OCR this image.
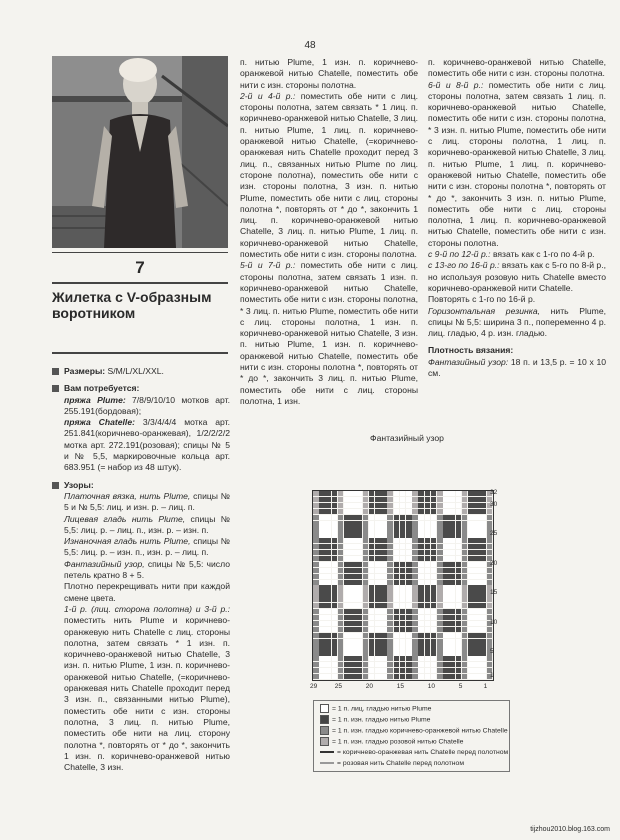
48
7
Жилетка с V-образным воротником

Размеры: S/M/L/XL/XXL.

Вам потребуется:

пряжа Plume: 7/8/9/10/10 мотков арт. 255.191(бордовая);

пряжа Chatelle: 3/3/4/4/4 мотка арт. 251.841(коричнево-оранжевая), 1/2/2/2/2 мотка арт. 272.191(розовая); спицы № 5 и № 5,5, маркировочные кольца арт. 683.951 (= набор из 48 штук).

Узоры:

Платочная вязка, нить Plume, спицы № 5 и № 5,5: лиц. и изн. р. – лиц. п.

Лицевая гладь нить Plume, спицы № 5,5: лиц. р. – лиц. п., изн. р. – изн. п.

Изнаночная гладь нить Plume, спицы № 5,5: лиц. р. – изн. п., изн. р. – лиц. п.

Фантазийный узор, спицы № 5,5: число петель кратно 8 + 5.

Плотно перекрещивать нити при каждой смене цвета.

1-й р. (лиц. сторона полотна) и 3-й р.: поместить нить Plume и коричнево-оранжевую нить Chatelle с лиц. стороны полотна, затем связать * 1 изн. п. коричнево-оранжевой нитью Chatelle, 3 изн. п. нитью Plume, 1 изн. п. коричнево-оранжевой нитью Chatelle, (=коричнево-оранжевая нить Chatelle проходит перед 3 изн. п., связанными нитью Plume), поместить обе нити с изн. стороны полотна, 3 лиц. п. нитью Plume, поместить обе нити на лиц. сторону полотна *, повторять от * до *, закончить 1 изн. п. коричнево-оранжевой нитью Chatelle, 3 изн.

п. нитью Plume, 1 изн. п. коричнево-оранжевой нитью Chatelle, поместить обе нити с изн. стороны полотна.

2-й и 4-й р.: поместить обе нити с лиц. стороны полотна, затем связать * 1 лиц. п. коричнево-оранжевой нитью Chatelle, 3 лиц. п. нитью Plume, 1 лиц. п. коричнево-оранжевой нитью Chatelle, (=коричнево-оранжевая нить Chatelle проходит перед 3 лиц. п., связанных нитью Plume по лиц. стороне полотна), поместить обе нити с изн. стороны полотна, 3 изн. п. нитью Plume, поместить обе нити с лиц. стороны полотна *, повторять от * до *, закончить 1 лиц. п. коричнево-оранжевой нитью Chatelle, 3 лиц. п. нитью Plume, 1 лиц. п. коричнево-оранжевой нитью Chatelle, поместить обе нити с изн. стороны полотна.

5-й и 7-й р.: поместить обе нити с лиц. стороны полотна, затем связать 1 изн. п. коричнево-оранжевой нитью Chatelle, поместить обе нити с изн. стороны полотна, * 3 лиц. п. нитью Plume, поместить обе нити с лиц. стороны полотна, 1 изн. п. коричнево-оранжевой нитью Chatelle, 3 изн. п. нитью Plume, 1 изн. п. коричнево-оранжевой нитью Chatelle, поместить обе нити с изн. стороны полотна *, повторять от * до *, закончить 3 лиц. п. нитью Plume, поместить обе нити с лиц. стороны полотна, 1 изн.

п. коричнево-оранжевой нитью Chatelle, поместить обе нити с изн. стороны полотна.

6-й и 8-й р.: поместить обе нити с лиц. стороны полотна, затем связать 1 лиц. п. коричнево-оранжевой нитью Chatelle, поместить обе нити с изн. стороны полотна, * 3 изн. п. нитью Plume, поместить обе нити с лиц. стороны полотна, 1 лиц. п. коричнево-оранжевой нитью Chatelle, 3 лиц. п. нитью Plume, 1 лиц. п. коричнево-оранжевой нитью Chatelle, поместить обе нити с изн. стороны полотна *, повторять от * до *, закончить 3 изн. п. нитью Plume, поместить обе нити с лиц. стороны полотна, 1 лиц. п. коричнево-оранжевой нитью Chatelle, поместить обе нити с изн. стороны полотна.

с 9-й по 12-й р.: вязать как с 1-го по 4-й р.

с 13-го по 16-й р.: вязать как с 5-го по 8-й р., но используя розовую нить Chatelle вместо коричнево-оранжевой нити Chatelle.

Повторять с 1-го по 16-й р.

Горизонтальная резинка, нить Plume, спицы № 5,5: ширина 3 п., попеременно 4 р. лиц. гладью, 4 р. изн. гладью.

Плотность вязания:

Фантазийный узор: 18 п. и 13,5 р. = 10 х 10 см.

Фантазийный узор
32
30
25
20
15
10
5
1
29	25	20	15	10	5	1
= 1 п. лиц. гладью нитью Plume
= 1 п. изн. гладью нитью Plume
= 1 п. изн. гладью коричнево-оранжевой нитью Chatelle
= 1 п. изн. гладью розовой нитью Chatelle
= коричнево-оранжевая нить Chatelle перед полотном
= розовая нить Chatelle перед полотном
tijzhou2010.blog.163.com
